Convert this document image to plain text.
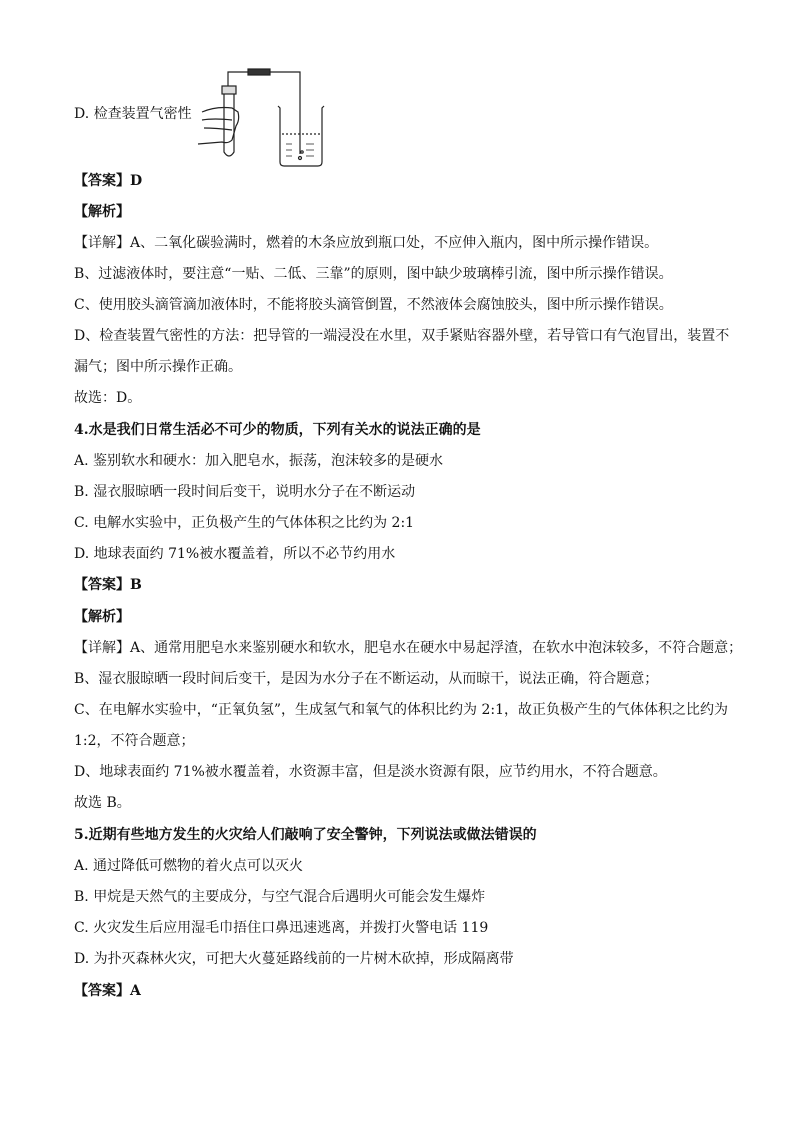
D. 检查装置气密性
【答案】D
【解析】
【详解】A、二氧化碳验满时，燃着的木条应放到瓶口处，不应伸入瓶内，图中所示操作错误。
B、过滤液体时，要注意“一贴、二低、三靠”的原则，图中缺少玻璃棒引流，图中所示操作错误。
C、使用胶头滴管滴加液体时，不能将胶头滴管倒置，不然液体会腐蚀胶头，图中所示操作错误。
D、检查装置气密性的方法：把导管的一端浸没在水里，双手紧贴容器外壁，若导管口有气泡冒出，装置不
漏气；图中所示操作正确。
故选：D。
4.水是我们日常生活必不可少的物质，下列有关水的说法正确的是
A. 鉴别软水和硬水：加入肥皂水，振荡，泡沫较多的是硬水
B. 湿衣服晾晒一段时间后变干，说明水分子在不断运动
C. 电解水实验中，正负极产生的气体体积之比约为 2:1
D. 地球表面约 71%被水覆盖着，所以不必节约用水
【答案】B
【解析】
【详解】A、通常用肥皂水来鉴别硬水和软水，肥皂水在硬水中易起浮渣，在软水中泡沫较多，不符合题意；
B、湿衣服晾晒一段时间后变干，是因为水分子在不断运动，从而晾干，说法正确，符合题意；
C、在电解水实验中，“正氧负氢”，生成氢气和氧气的体积比约为 2:1，故正负极产生的气体体积之比约为
1:2，不符合题意；
D、地球表面约 71%被水覆盖着，水资源丰富，但是淡水资源有限，应节约用水，不符合题意。
故选 B。
5.近期有些地方发生的火灾给人们敲响了安全警钟，下列说法或做法错误的
A. 通过降低可燃物的着火点可以灭火
B. 甲烷是天然气的主要成分，与空气混合后遇明火可能会发生爆炸
C. 火灾发生后应用湿毛巾捂住口鼻迅速逃离，并拨打火警电话 119
D. 为扑灭森林火灾，可把大火蔓延路线前的一片树木砍掉，形成隔离带
【答案】A
